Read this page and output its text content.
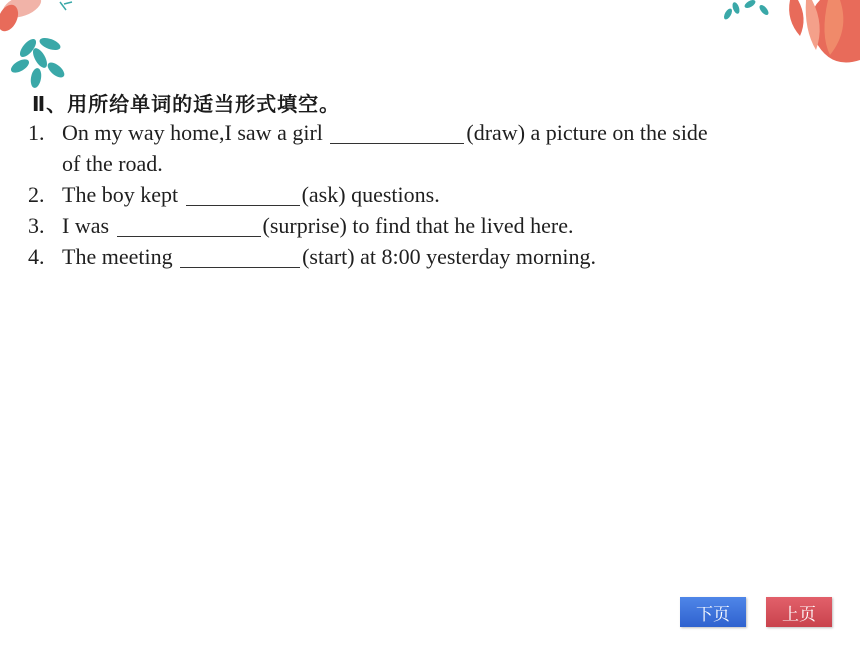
Ⅱ、用所给单词的适当形式填空。
1. On my way home,I saw a girl	(draw) a picture on the side
of the road.
2. The boy kept	(ask) questions.
3. I was	(surprise) to find that he lived here.
4. The meeting	(start) at 8:00 yesterday morning.
下页	上页
